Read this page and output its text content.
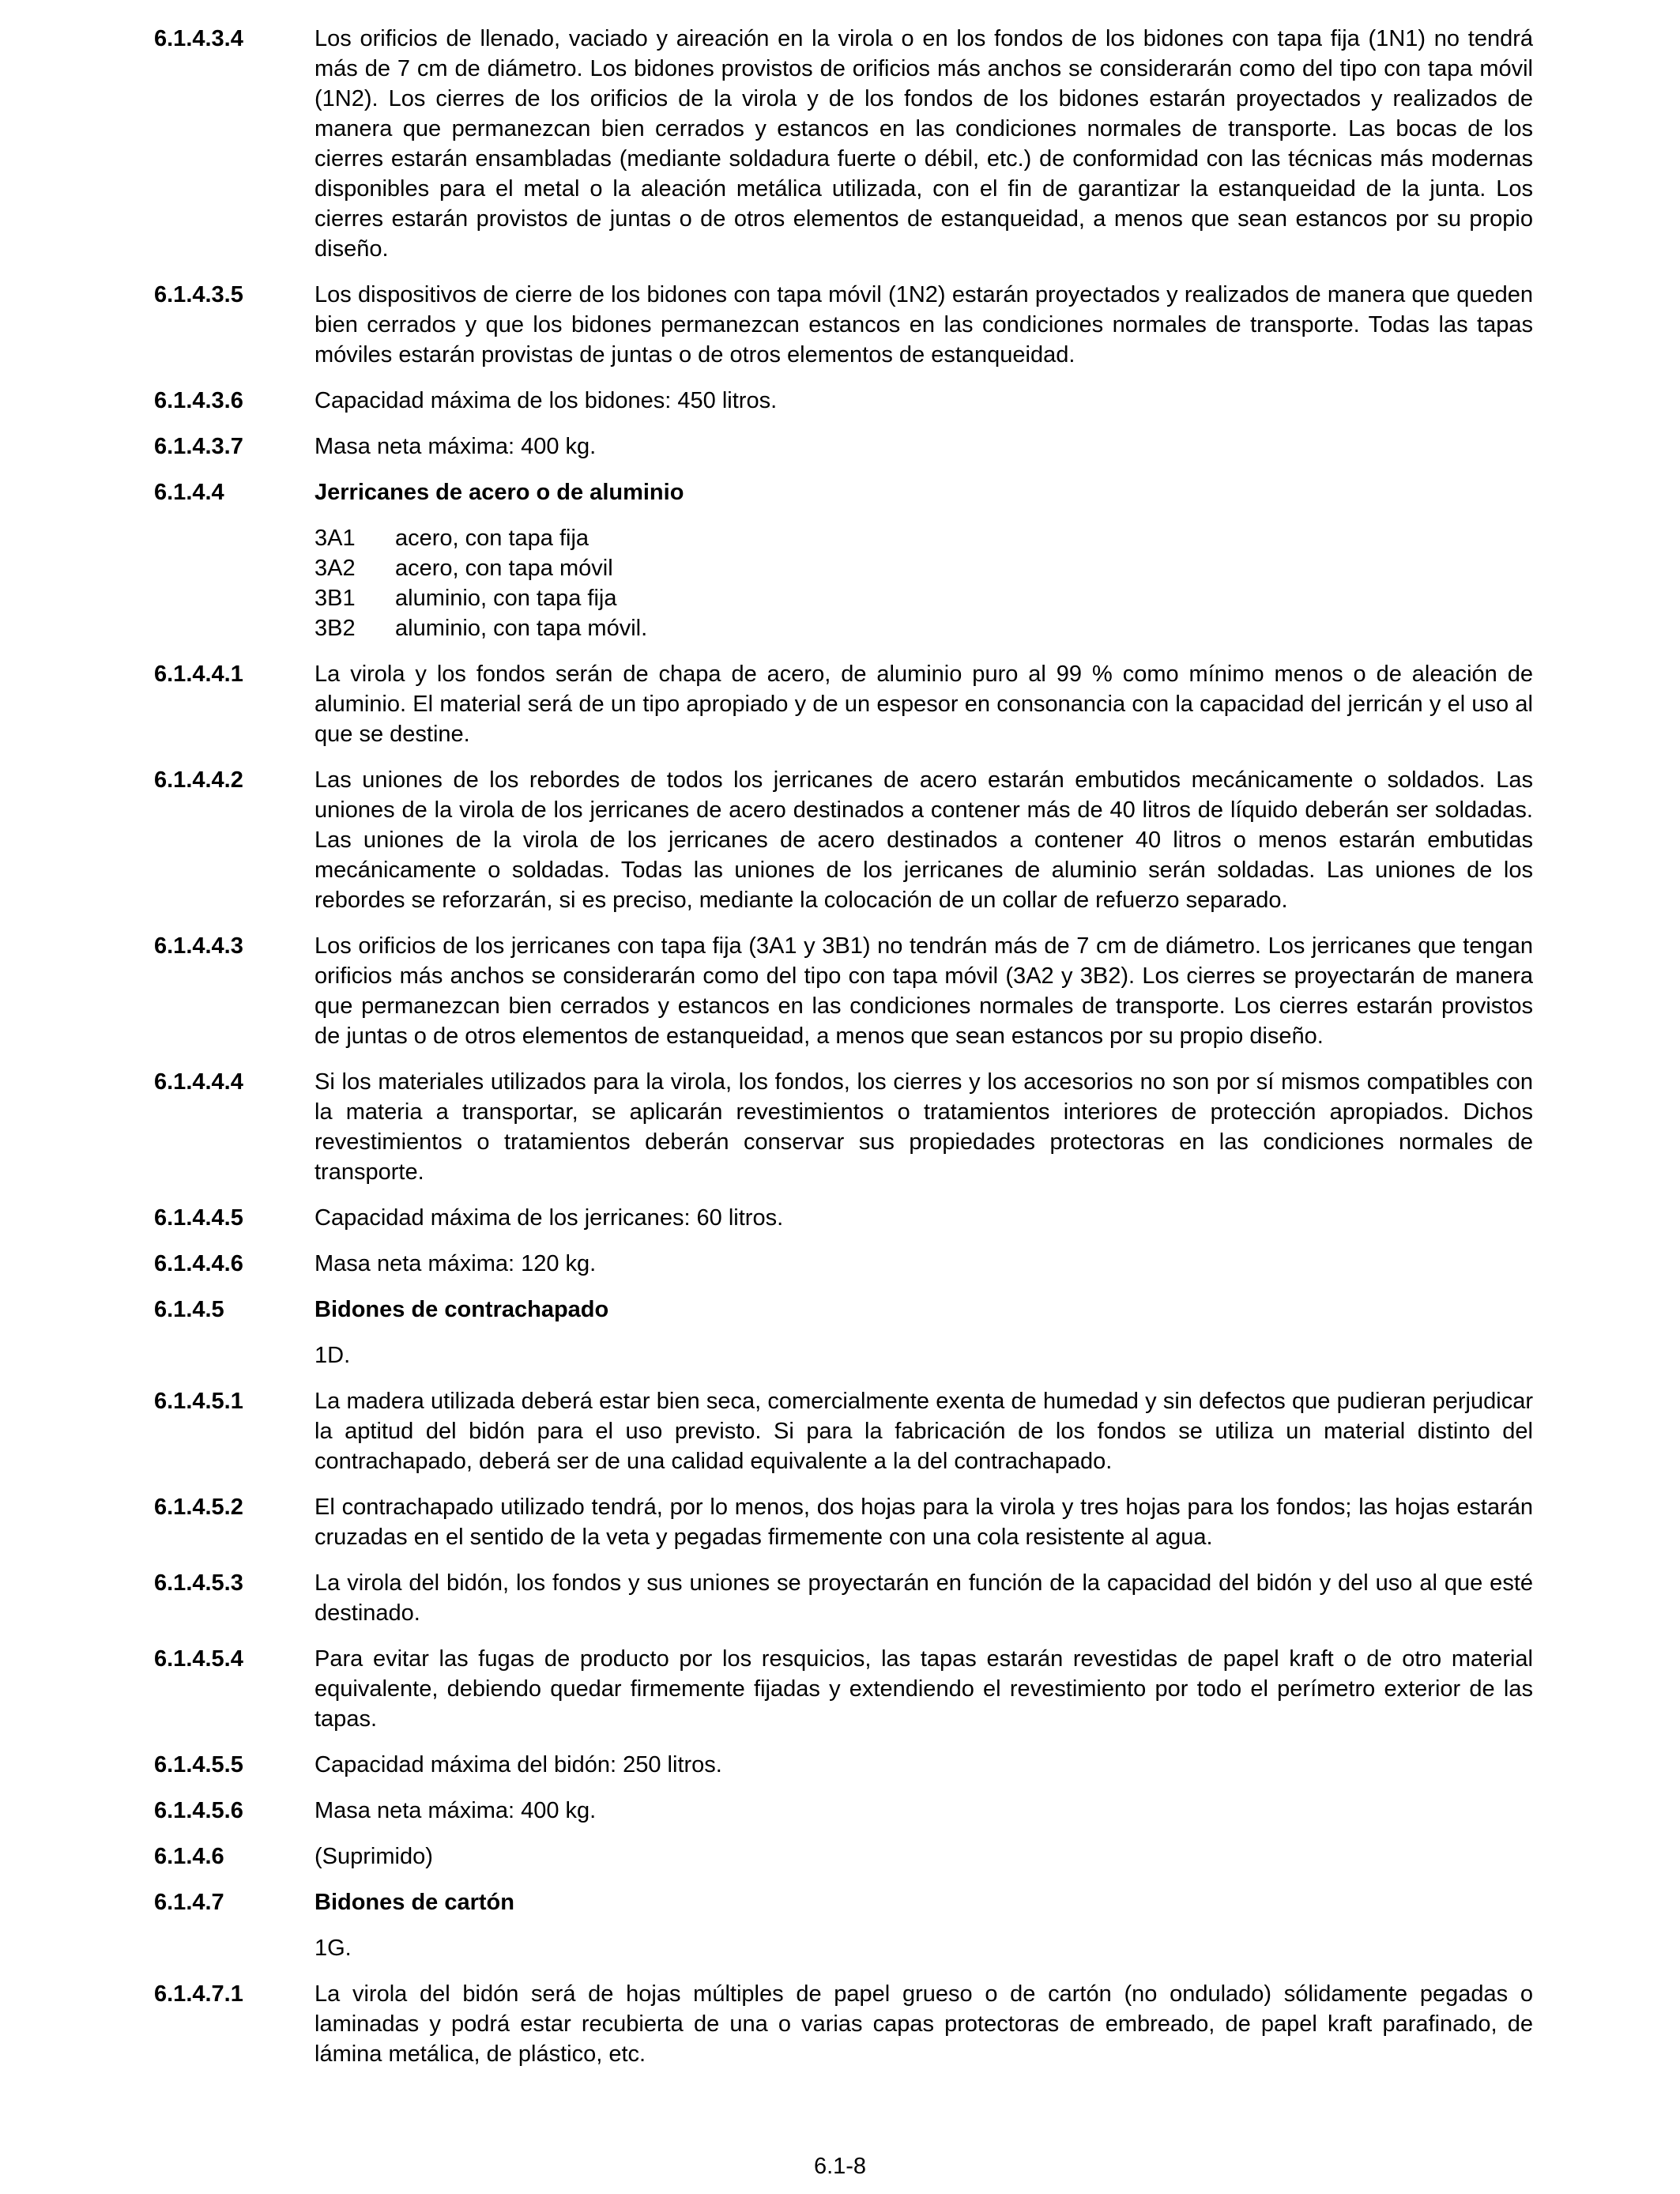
6.1.4.3.4	Los orificios de llenado, vaciado y aireación en la virola o en los fondos de los bidones con tapa fija (1N1) no tendrá más de 7 cm de diámetro. Los bidones provistos de orificios más anchos se considerarán como del tipo con tapa móvil (1N2). Los cierres de los orificios de la virola y de los fondos de los bidones estarán proyectados y realizados de manera que permanezcan bien cerrados y estancos en las condiciones normales de transporte. Las bocas de los cierres estarán ensambladas (mediante soldadura fuerte o débil, etc.) de conformidad con las técnicas más modernas disponibles para el metal o la aleación metálica utilizada, con el fin de garantizar la estanqueidad de la junta. Los cierres estarán provistos de juntas o de otros elementos de estanqueidad, a menos que sean estancos por su propio diseño.
6.1.4.3.5	Los dispositivos de cierre de los bidones con tapa móvil (1N2) estarán proyectados y realizados de manera que queden bien cerrados y que los bidones permanezcan estancos en las condiciones normales de transporte. Todas las tapas móviles estarán provistas de juntas o de otros elementos de estanqueidad.
6.1.4.3.6	Capacidad máxima de los bidones: 450 litros.
6.1.4.3.7	Masa neta máxima: 400 kg.
6.1.4.4	Jerricanes de acero o de aluminio
3A1	acero, con tapa fija
3A2	acero, con tapa móvil
3B1	aluminio, con tapa fija
3B2	aluminio, con tapa móvil.
6.1.4.4.1	La virola y los fondos serán de chapa de acero, de aluminio puro al 99 % como mínimo menos o de aleación de aluminio. El material será de un tipo apropiado y de un espesor en consonancia con la capacidad del jerricán y el uso al que se destine.
6.1.4.4.2	Las uniones de los rebordes de todos los jerricanes de acero estarán embutidos mecánicamente o soldados. Las uniones de la virola de los jerricanes de acero destinados a contener más de 40 litros de líquido deberán ser soldadas. Las uniones de la virola de los jerricanes de acero destinados a contener 40 litros o menos estarán embutidas mecánicamente o soldadas. Todas las uniones de los jerricanes de aluminio serán soldadas. Las uniones de los rebordes se reforzarán, si es preciso, mediante la colocación de un collar de refuerzo separado.
6.1.4.4.3	Los orificios de los jerricanes con tapa fija (3A1 y 3B1) no tendrán más de 7 cm de diámetro. Los jerricanes que tengan orificios más anchos se considerarán como del tipo con tapa móvil (3A2 y 3B2). Los cierres se proyectarán de manera que permanezcan bien cerrados y estancos en las condiciones normales de transporte. Los cierres estarán provistos de juntas o de otros elementos de estanqueidad, a menos que sean estancos por su propio diseño.
6.1.4.4.4	Si los materiales utilizados para la virola, los fondos, los cierres y los accesorios no son por sí mismos compatibles con la materia a transportar, se aplicarán revestimientos o tratamientos interiores de protección apropiados. Dichos revestimientos o tratamientos deberán conservar sus propiedades protectoras en las condiciones normales de transporte.
6.1.4.4.5	Capacidad máxima de los jerricanes: 60 litros.
6.1.4.4.6	Masa neta máxima: 120 kg.
6.1.4.5	Bidones de contrachapado
1D.
6.1.4.5.1	La madera utilizada deberá estar bien seca, comercialmente exenta de humedad y sin defectos que pudieran perjudicar la aptitud del bidón para el uso previsto. Si para la fabricación de los fondos se utiliza un material distinto del contrachapado, deberá ser de una calidad equivalente a la del contrachapado.
6.1.4.5.2	El contrachapado utilizado tendrá, por lo menos, dos hojas para la virola y tres hojas para los fondos; las hojas estarán cruzadas en el sentido de la veta y pegadas firmemente con una cola resistente al agua.
6.1.4.5.3	La virola del bidón, los fondos y sus uniones se proyectarán en función de la capacidad del bidón y del uso al que esté destinado.
6.1.4.5.4	Para evitar las fugas de producto por los resquicios, las tapas estarán revestidas de papel kraft o de otro material equivalente, debiendo quedar firmemente fijadas y extendiendo el revestimiento por todo el perímetro exterior de las tapas.
6.1.4.5.5	Capacidad máxima del bidón: 250 litros.
6.1.4.5.6	Masa neta máxima: 400 kg.
6.1.4.6	(Suprimido)
6.1.4.7	Bidones de cartón
1G.
6.1.4.7.1	La virola del bidón será de hojas múltiples de papel grueso o de cartón (no ondulado) sólidamente pegadas o laminadas y podrá estar recubierta de una o varias capas protectoras de embreado, de papel kraft parafinado, de lámina metálica, de plástico, etc.
6.1-8
